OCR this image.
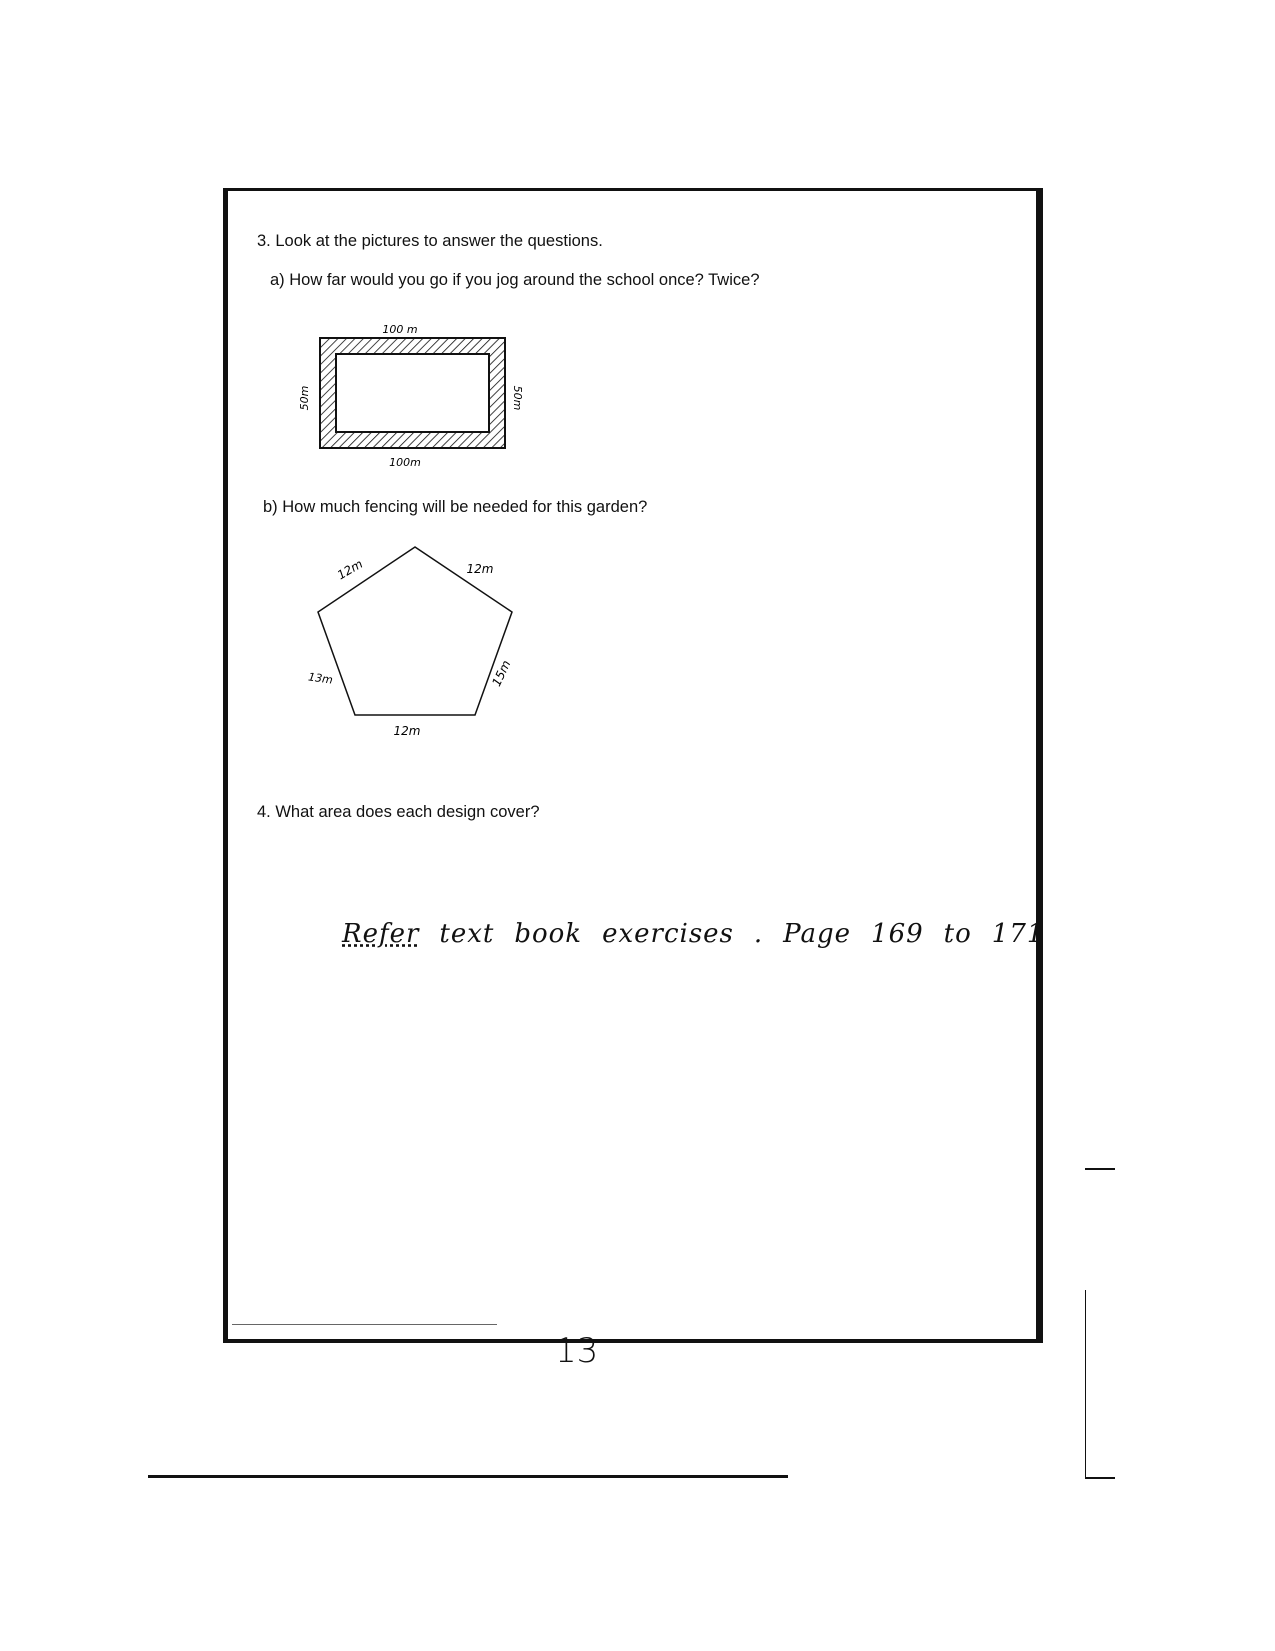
3. Look at the pictures to answer the questions.
a) How far would you go if you jog around the school once? Twice?
100 m
100m
50m	50m
b) How much fencing will be needed for this garden?
12m	12m
13m	15m
12m
4. What area does each design cover?
Refer text book exercises . Page 169 to 171
13
